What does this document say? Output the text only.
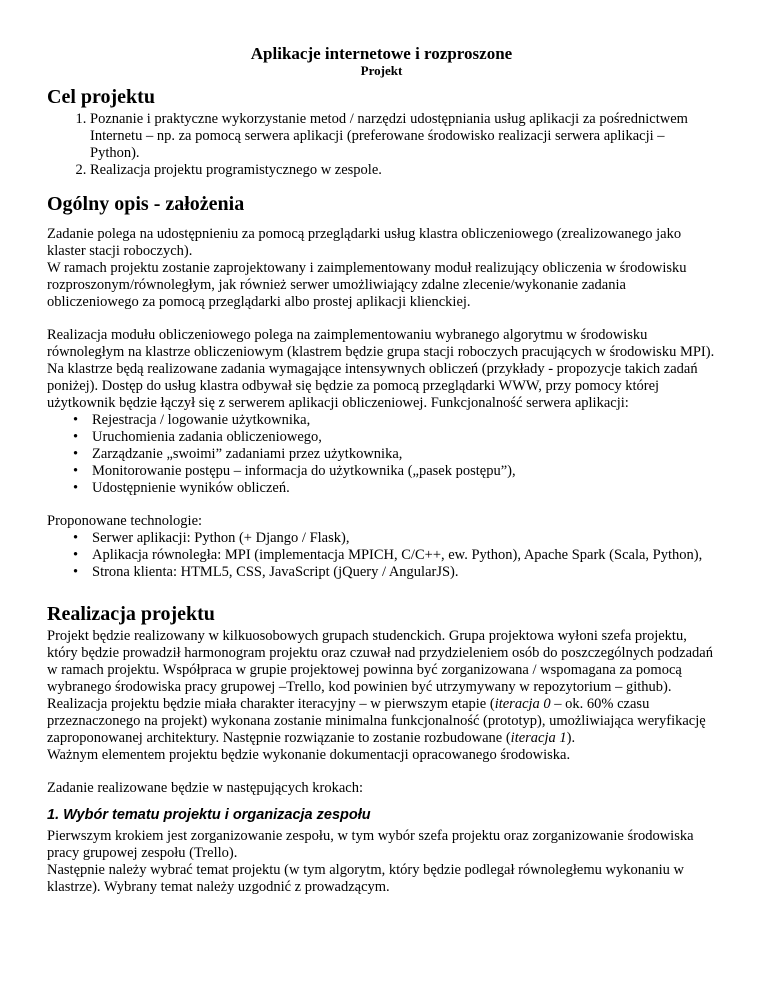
Aplikacje internetowe i rozproszone

Projekt

Cel projektu
1. Poznanie i praktyczne wykorzystanie metod / narzędzi udostępniania usług aplikacji za pośrednictwem Internetu – np. za pomocą serwera aplikacji (preferowane środowisko realizacji serwera aplikacji – Python).
2. Realizacja projektu programistycznego w zespole.
Ogólny opis - założenia

Zadanie polega na udostępnieniu za pomocą przeglądarki usług klastra obliczeniowego (zrealizowanego jako klaster stacji roboczych).

W ramach projektu zostanie zaprojektowany i zaimplementowany moduł realizujący obliczenia w środowisku rozproszonym/równoległym, jak również serwer umożliwiający zdalne zlecenie/wykonanie zadania obliczeniowego za pomocą przeglądarki albo prostej aplikacji klienckiej.

Realizacja modułu obliczeniowego polega na zaimplementowaniu wybranego algorytmu w środowisku równoległym na klastrze obliczeniowym (klastrem będzie grupa stacji roboczych pracujących w środowisku MPI). Na klastrze będą realizowane zadania wymagające intensywnych obliczeń (przykłady - propozycje takich zadań poniżej). Dostęp do usług klastra odbywał się będzie za pomocą przeglądarki WWW, przy pomocy której użytkownik będzie łączył się z serwerem aplikacji obliczeniowej. Funkcjonalność serwera aplikacji:

• Rejestracja / logowanie użytkownika,
• Uruchomienia zadania obliczeniowego,
• Zarządzanie „swoimi” zadaniami przez użytkownika,
• Monitorowanie postępu – informacja do użytkownika („pasek postępu”),
• Udostępnienie wyników obliczeń.

Proponowane technologie:

• Serwer aplikacji: Python (+ Django / Flask),
• Aplikacja równoległa: MPI (implementacja MPICH, C/C++, ew. Python), Apache Spark (Scala, Python),
• Strona klienta: HTML5, CSS, JavaScript (jQuery / AngularJS).
Realizacja projektu

Projekt będzie realizowany w kilkuosobowych grupach studenckich. Grupa projektowa wyłoni szefa projektu, który będzie prowadził harmonogram projektu oraz czuwał nad przydzieleniem osób do poszczególnych podzadań w ramach projektu. Współpraca w grupie projektowej powinna być zorganizowana / wspomagana za pomocą wybranego środowiska pracy grupowej –Trello, kod powinien być utrzymywany w repozytorium – github).

Realizacja projektu będzie miała charakter iteracyjny – w pierwszym etapie (iteracja 0 – ok. 60% czasu przeznaczonego na projekt) wykonana zostanie minimalna funkcjonalność (prototyp), umożliwiająca weryfikację zaproponowanej architektury. Następnie rozwiązanie to zostanie rozbudowane (iteracja 1).

Ważnym elementem projektu będzie wykonanie dokumentacji opracowanego środowiska.

Zadanie realizowane będzie w następujących krokach:

1. Wybór tematu projektu i organizacja zespołu

Pierwszym krokiem jest zorganizowanie zespołu, w tym wybór szefa projektu oraz zorganizowanie środowiska pracy grupowej zespołu (Trello).

Następnie należy wybrać temat projektu (w tym algorytm, który będzie podlegał równoległemu wykonaniu w klastrze). Wybrany temat należy uzgodnić z prowadzącym.
